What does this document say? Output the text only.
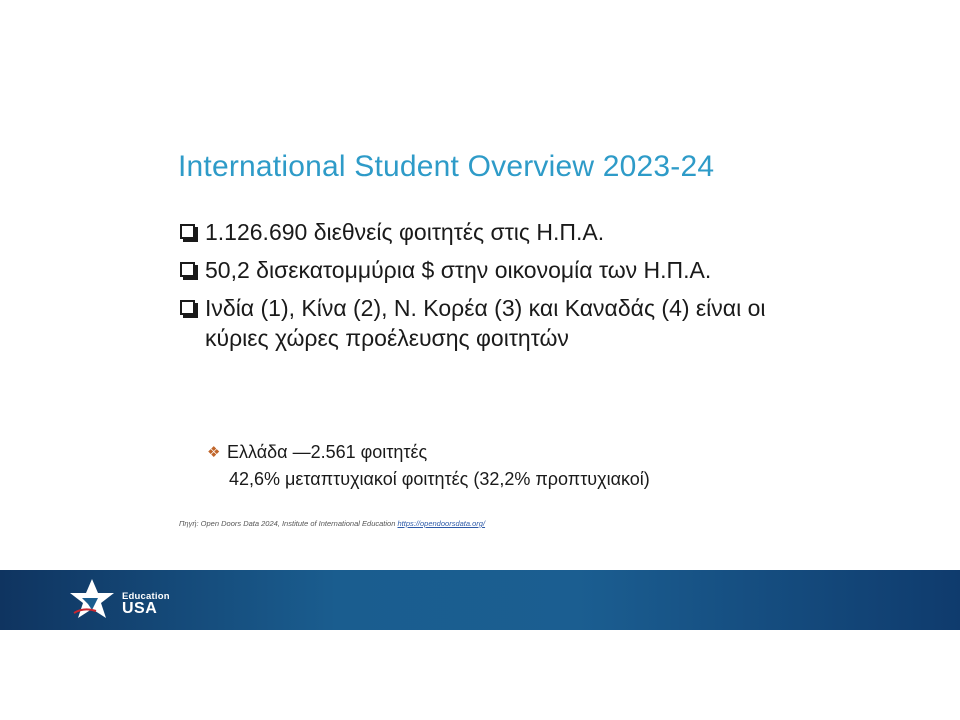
International Student Overview 2023-24
1.126.690 διεθνείς φοιτητές στις Η.Π.Α.
50,2 δισεκατομμύρια $ στην οικονομία των Η.Π.Α.
Ινδία (1), Κίνα (2), Ν. Κορέα (3) και Καναδάς (4) είναι οι κύριες χώρες προέλευσης φοιτητών
❖ Ελλάδα —2.561 φοιτητές
42,6% μεταπτυχιακοί φοιτητές (32,2% προπτυχιακοί)
Πηγή: Open Doors Data 2024, Institute of International Education https://opendoorsdata.org/
Education
USA
